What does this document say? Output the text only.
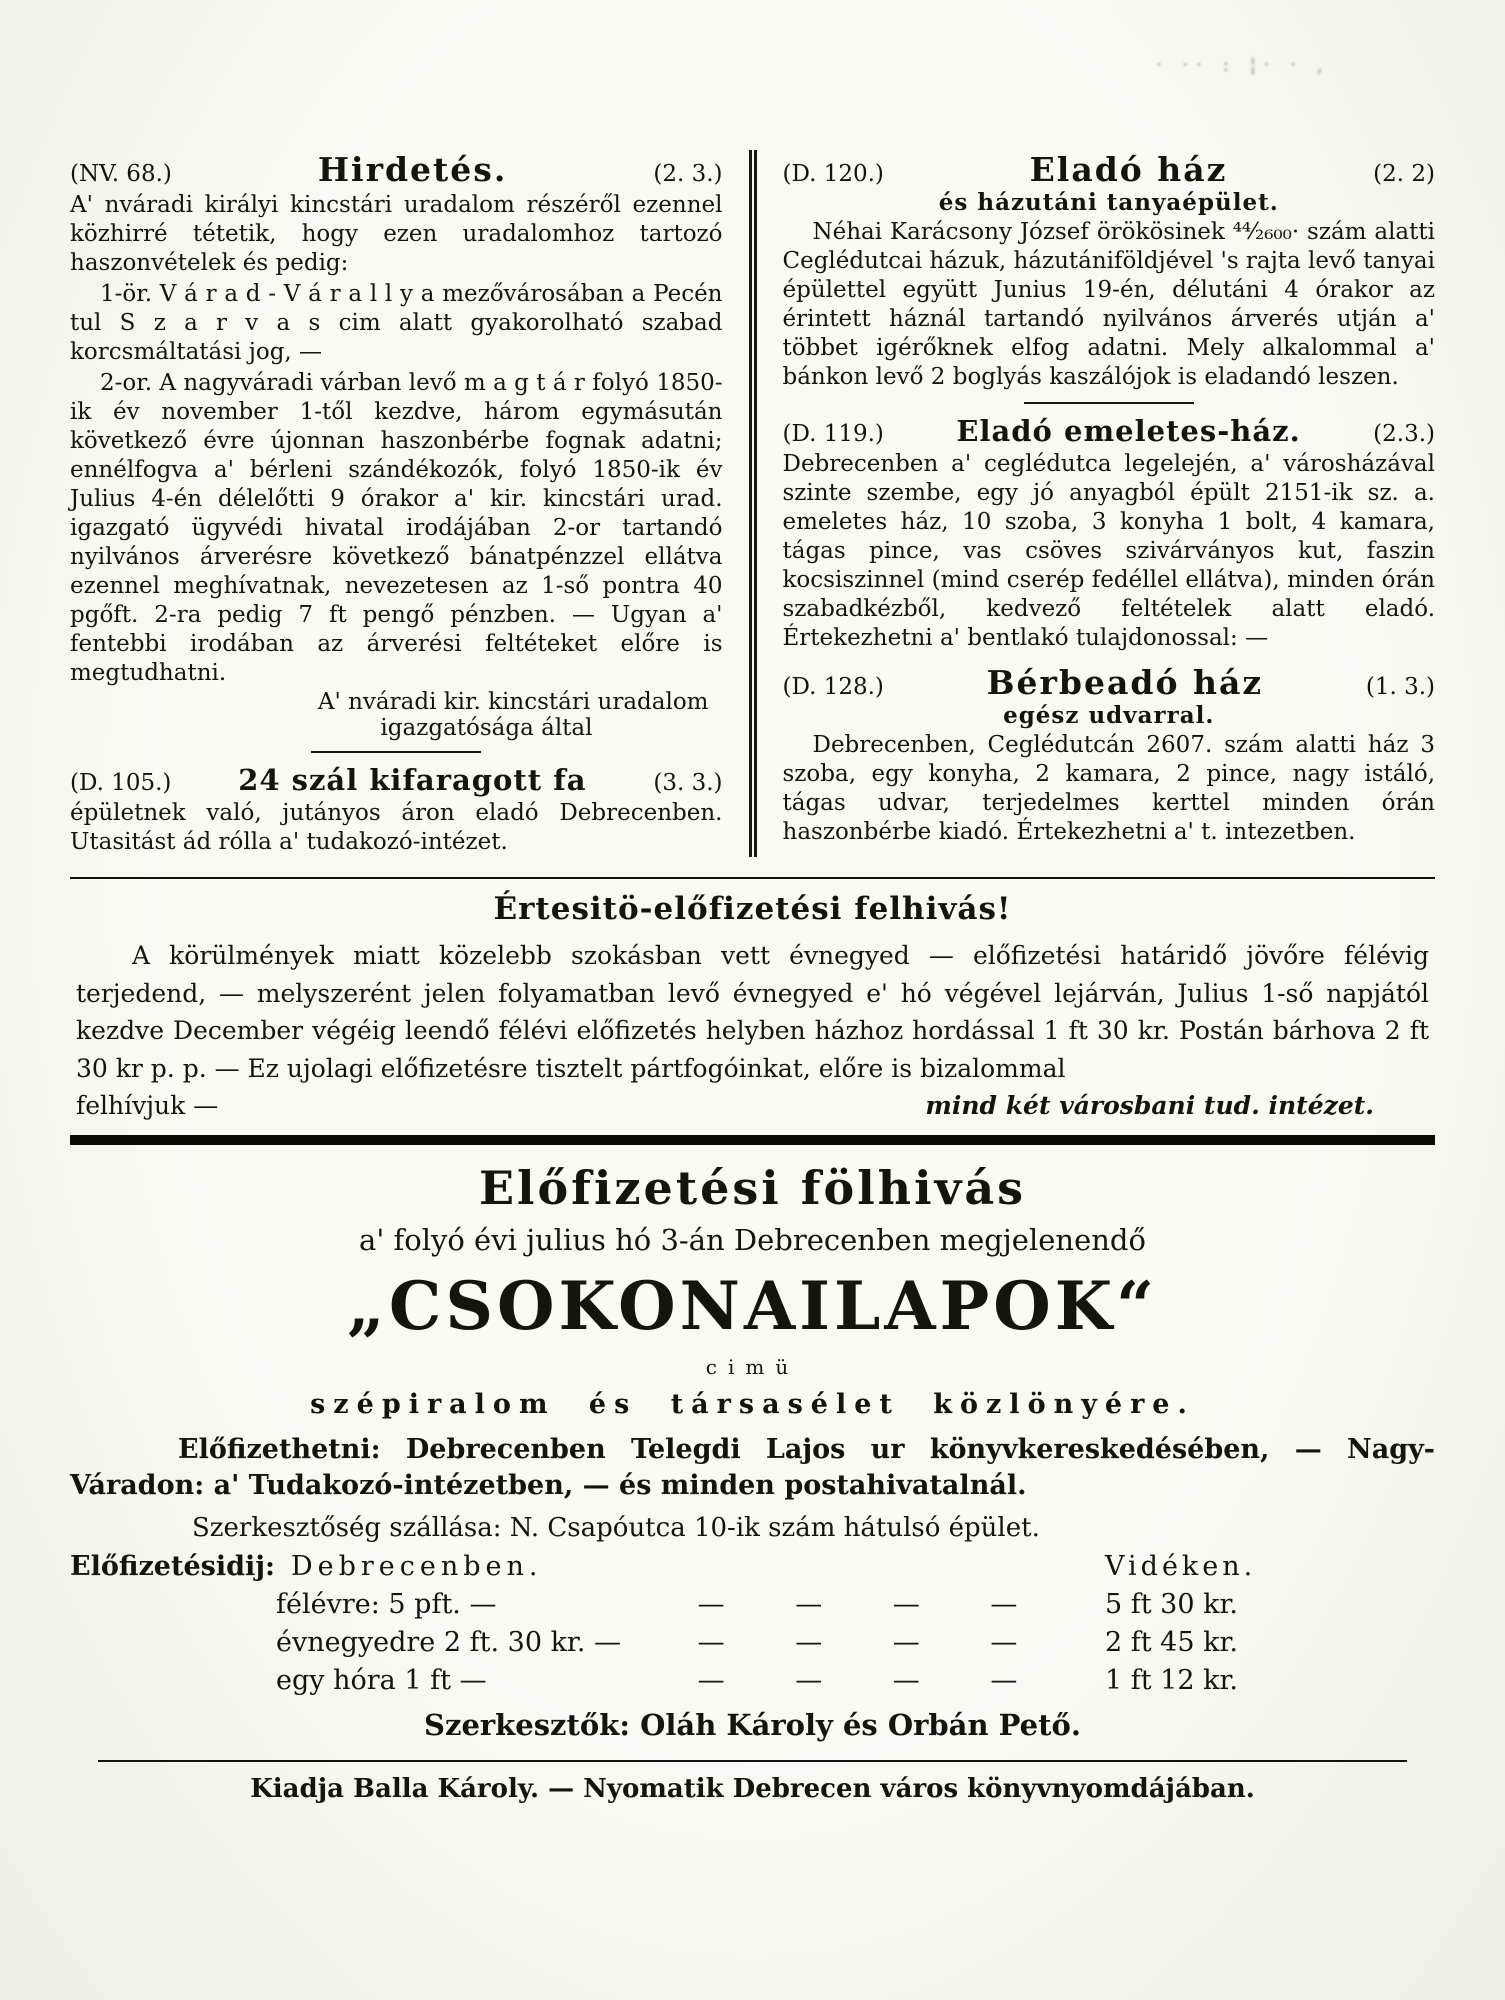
· ·· : ¦· · ,
(NV. 68.)	Hirdetés.	(2. 3.)

A' nváradi királyi kincstári uradalom részéről ezennel közhirré tétetik, hogy ezen uradalomhoz tartozó haszonvételek és pedig:

1-ör. V á r a d - V á r a l l y a mezővárosában a Pecén tul S z a r v a s cim alatt gyakorolható szabad korcsmáltatási jog, —

2-or. A nagyváradi várban levő m a g t á r folyó 1850-ik év november 1-től kezdve, három egymásután következő évre újonnan haszonbérbe fognak adatni; ennélfogva a' bérleni szándékozók, folyó 1850-ik év Julius 4-én délelőtti 9 órakor a' kir. kincstári urad. igazgató ügyvédi hivatal irodájában 2-or tartandó nyilvános árverésre következő bánatpénzzel ellátva ezennel meghívatnak, nevezetesen az 1-ső pontra 40 pgőft. 2-ra pedig 7 ft pengő pénzben. — Ugyan a' fentebbi irodában az árverési feltéteket előre is megtudhatni.

A' nváradi kir. kincstári uradalom
igazgatósága által
(D. 105.)	24 szál kifaragott fa	(3. 3.)

épületnek való, jutányos áron eladó Debrecenben. Utasitást ád rólla a' tudakozó-intézet.

(D. 120.)	Eladó ház	(2. 2)
és házutáni tanyaépület.

Néhai Karácsony József örökösinek ⁴⁴⁄₂₆₀₀· szám alatti Ceglédutcai házuk, házutániföldjével 's rajta levő tanyai épülettel együtt Junius 19-én, délutáni 4 órakor az érintett háznál tartandó nyilvános árverés utján a' többet igérőknek elfog adatni. Mely alkalommal a' bánkon levő 2 boglyás kaszálójok is eladandó leszen.

(D. 119.)	Eladó emeletes-ház.	(2.3.)

Debrecenben a' ceglédutca legelején, a' városházával szinte szembe, egy jó anyagból épült 2151-ik sz. a. emeletes ház, 10 szoba, 3 konyha 1 bolt, 4 kamara, tágas pince, vas csöves szivárványos kut, faszin kocsiszinnel (mind cserép fedéllel ellátva), minden órán szabadkézből, kedvező feltételek alatt eladó. Értekezhetni a' bentlakó tulajdonossal: —

(D. 128.)	Bérbeadó ház	(1. 3.)
egész udvarral.

Debrecenben, Ceglédutcán 2607. szám alatti ház 3 szoba, egy konyha, 2 kamara, 2 pince, nagy istáló, tágas udvar, terjedelmes kerttel minden órán haszonbérbe kiadó. Értekezhetni a' t. intezetben.

Értesitö-előfizetési felhivás!

A körülmények miatt közelebb szokásban vett évnegyed — előfizetési határidő jövőre félévig terjedend, — melyszerént jelen folyamatban levő évnegyed e' hó végével lejárván, Julius 1-ső napjától kezdve December végéig leendő félévi előfizetés helyben házhoz hordással 1 ft 30 kr. Postán bárhova 2 ft 30 kr p. p. — Ez ujolagi előfizetésre tisztelt pártfogóinkat, előre is bizalommal

felhívjuk —	mind két városbani tud. intézet.
Előfizetési fölhivás
a' folyó évi julius hó 3-án Debrecenben megjelenendő
„CSOKONAILAPOK“
cimü
szépiralom és társasélet közlönyére.

Előfizethetni: Debrecenben Telegdi Lajos ur könyvkereskedésében, — Nagy-Váradon: a' Tudakozó-intézetben, — és minden postahivatalnál.

Szerkesztőség szállása: N. Csapóutca 10-ik szám hátulsó épület.
Előfizetésidij: Debrecenben.	Vidéken.
félévre: 5 pft. —	— — — —	5 ft 30 kr.
évnegyedre 2 ft. 30 kr. —	— — — —	2 ft 45 kr.
egy hóra 1 ft —	— — — —	1 ft 12 kr.
Szerkesztők: Oláh Károly és Orbán Pető.
Kiadja Balla Károly. — Nyomatik Debrecen város könyvnyomdájában.
